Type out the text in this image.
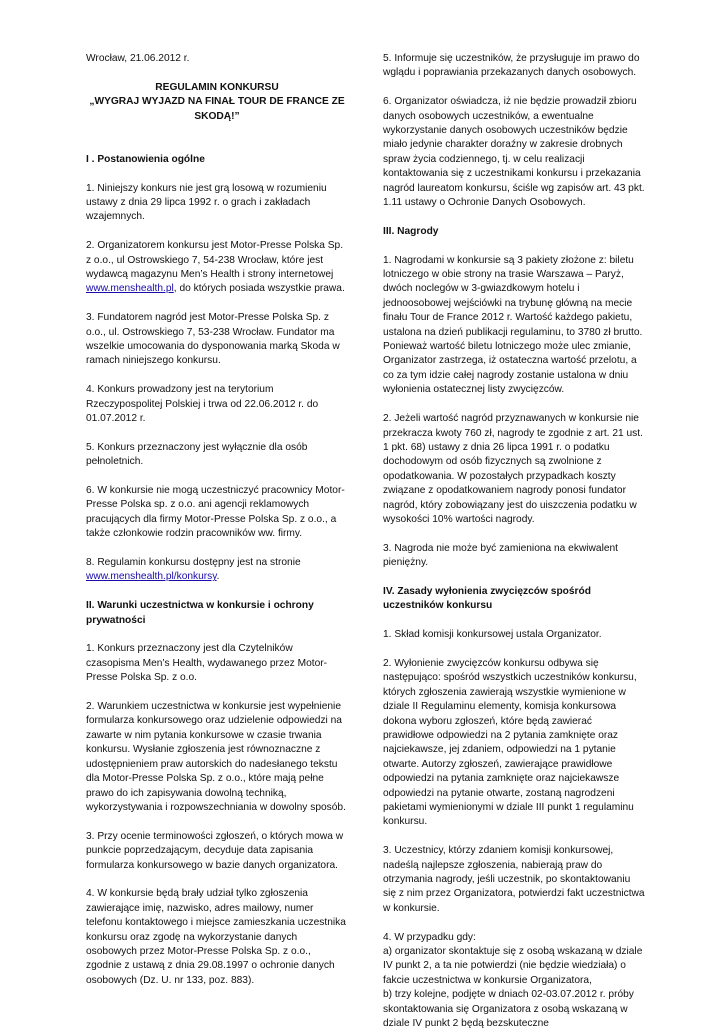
Wrocław, 21.06.2012 r.

REGULAMIN KONKURSU
„WYGRAJ WYJAZD NA FINAŁ TOUR DE FRANCE ZE SKODĄ!”
I . Postanowienia ogólne

1. Niniejszy konkurs nie jest grą losową w rozumieniu ustawy z dnia 29 lipca 1992 r. o grach i zakładach wzajemnych.

2. Organizatorem konkursu jest Motor-Presse Polska Sp. z o.o., ul Ostrowskiego 7, 54-238 Wrocław, które jest wydawcą magazynu Men’s Health i strony internetowej www.menshealth.pl, do których posiada wszystkie prawa.

3. Fundatorem nagród jest Motor-Presse Polska Sp. z o.o., ul. Ostrowskiego 7, 53-238 Wrocław. Fundator ma wszelkie umocowania do dysponowania marką Skoda w ramach niniejszego konkursu.

4. Konkurs prowadzony jest na terytorium Rzeczypospolitej Polskiej i trwa od 22.06.2012 r. do 01.07.2012 r.

5. Konkurs przeznaczony jest wyłącznie dla osób pełnoletnich.

6. W konkursie nie mogą uczestniczyć pracownicy Motor-Presse Polska sp. z o.o. ani agencji reklamowych pracujących dla firmy Motor-Presse Polska Sp. z o.o., a także członkowie rodzin pracowników ww. firmy.

8. Regulamin konkursu dostępny jest na stronie www.menshealth.pl/konkursy.

II. Warunki uczestnictwa w konkursie i ochrony prywatności

1. Konkurs przeznaczony jest dla Czytelników czasopisma Men’s Health, wydawanego przez Motor-Presse Polska Sp. z o.o.

2. Warunkiem uczestnictwa w konkursie jest wypełnienie formularza konkursowego oraz udzielenie odpowiedzi na zawarte w nim pytania konkursowe w czasie trwania konkursu. Wysłanie zgłoszenia jest równoznaczne z udostępnieniem praw autorskich do nadesłanego tekstu dla Motor-Presse Polska Sp. z o.o., które mają pełne prawo do ich zapisywania dowolną techniką, wykorzystywania i rozpowszechniania w dowolny sposób.

3. Przy ocenie terminowości zgłoszeń, o których mowa w punkcie poprzedzającym, decyduje data zapisania formularza konkursowego w bazie danych organizatora.

4. W konkursie będą brały udział tylko zgłoszenia zawierające imię, nazwisko, adres mailowy, numer telefonu kontaktowego i miejsce zamieszkania uczestnika konkursu oraz zgodę na wykorzystanie danych osobowych przez Motor-Presse Polska Sp. z o.o., zgodnie z ustawą z dnia 29.08.1997 o ochronie danych osobowych (Dz. U. nr 133, poz. 883).

5. Informuje się uczestników, że przysługuje im prawo do wglądu i poprawiania przekazanych danych osobowych.

6. Organizator oświadcza, iż nie będzie prowadził zbioru danych osobowych uczestników, a ewentualne wykorzystanie danych osobowych uczestników będzie miało jedynie charakter doraźny w zakresie drobnych spraw życia codziennego, tj. w celu realizacji kontaktowania się z uczestnikami konkursu i przekazania nagród laureatom konkursu, ściśle wg zapisów art. 43 pkt. 1.11 ustawy o Ochronie Danych Osobowych.

III. Nagrody

1. Nagrodami w konkursie są 3 pakiety złożone z: biletu lotniczego w obie strony na trasie Warszawa – Paryż, dwóch noclegów w 3-gwiazdkowym hotelu i jednoosobowej wejściówki na trybunę główną na mecie finału Tour de France 2012 r. Wartość każdego pakietu, ustalona na dzień publikacji regulaminu, to 3780 zł brutto. Ponieważ wartość biletu lotniczego może ulec zmianie, Organizator zastrzega, iż ostateczna wartość przelotu, a co za tym idzie całej nagrody zostanie ustalona w dniu wyłonienia ostatecznej listy zwycięzców.

2. Jeżeli wartość nagród przyznawanych w konkursie nie przekracza kwoty 760 zł, nagrody te zgodnie z art. 21 ust. 1 pkt. 68) ustawy z dnia 26 lipca 1991 r. o podatku dochodowym od osób fizycznych są zwolnione z opodatkowania. W pozostałych przypadkach koszty związane z opodatkowaniem nagrody ponosi fundator nagród, który zobowiązany jest do uiszczenia podatku w wysokości 10% wartości nagrody.

3. Nagroda nie może być zamieniona na ekwiwalent pieniężny.

IV. Zasady wyłonienia zwycięzców spośród uczestników konkursu

1. Skład komisji konkursowej ustala Organizator.

2. Wyłonienie zwycięzców konkursu odbywa się następująco: spośród wszystkich uczestników konkursu, których zgłoszenia zawierają wszystkie wymienione w dziale II Regulaminu elementy, komisja konkursowa dokona wyboru zgłoszeń, które będą zawierać prawidłowe odpowiedzi na 2 pytania zamknięte oraz najciekawsze, jej zdaniem, odpowiedzi na 1 pytanie otwarte. Autorzy zgłoszeń, zawierające prawidłowe odpowiedzi na pytania zamknięte oraz najciekawsze odpowiedzi na pytanie otwarte, zostaną nagrodzeni pakietami wymienionymi w dziale III punkt 1 regulaminu konkursu.

3. Uczestnicy, którzy zdaniem komisji konkursowej, nadeślą najlepsze zgłoszenia, nabierają praw do otrzymania nagrody, jeśli uczestnik, po skontaktowaniu się z nim przez Organizatora, potwierdzi fakt uczestnictwa w konkursie.

4. W przypadku gdy:
a) organizator skontaktuje się z osobą wskazaną w dziale IV punkt 2, a ta nie potwierdzi (nie będzie wiedziała) o fakcie uczestnictwa w konkursie Organizatora,
b) trzy kolejne, podjęte w dniach 02-03.07.2012 r. próby skontaktowania się Organizatora z osobą wskazaną w dziale IV punkt 2 będą bezskuteczne
